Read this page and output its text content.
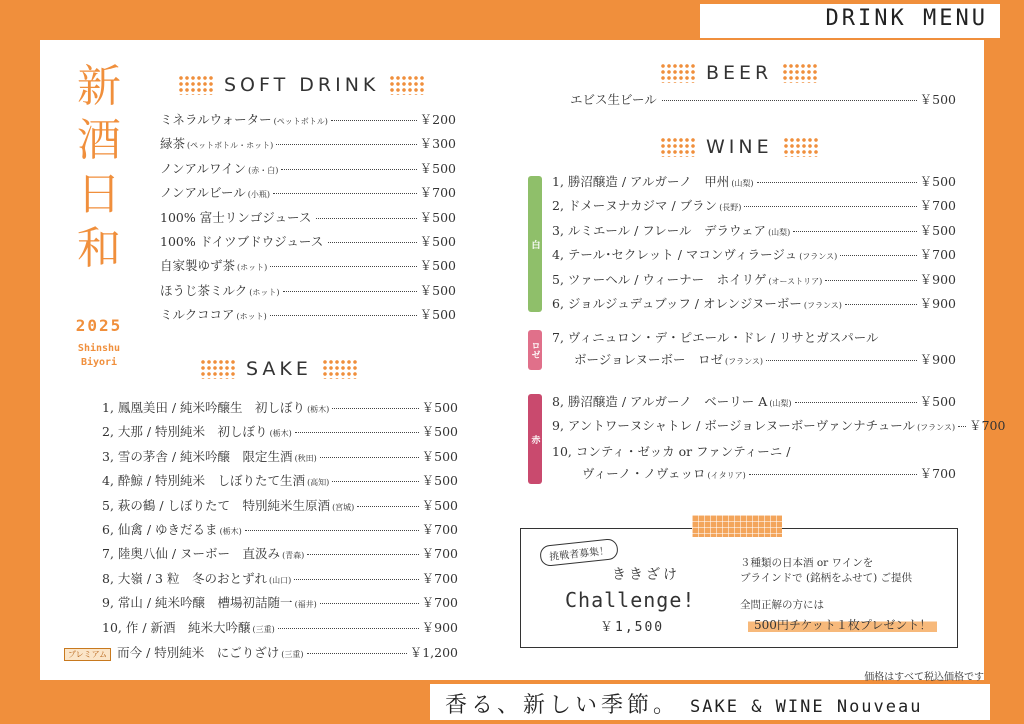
DRINK MENU
新
酒
日
和
2025
Shinshu
Biyori
SOFT DRINK
ミネラルウォーター (ペットボトル)	￥200
緑茶 (ペットボトル・ホット)	￥300
ノンアルワイン (赤・白)	￥500
ノンアルビール (小瓶)	￥700
100% 富士リンゴジュース	￥500
100% ドイツブドウジュース	￥500
自家製ゆず茶 (ホット)	￥500
ほうじ茶ミルク (ホット)	￥500
ミルクココア (ホット)	￥500
SAKE
1, 鳳凰美田 / 純米吟醸生　初しぼり (栃木)	￥500
2, 大那 / 特別純米　初しぼり (栃木)	￥500
3, 雪の茅舎 / 純米吟醸　限定生酒 (秋田)	￥500
4, 酔鯨 / 特別純米　しぼりたて生酒 (高知)	￥500
5, 萩の鶴 / しぼりたて　特別純米生原酒 (宮城)	￥500
6, 仙禽 / ゆきだるま (栃木)	￥700
7, 陸奥八仙 / ヌーボー　直汲み (青森)	￥700
8, 大嶺 / 3 粒　冬のおとずれ (山口)	￥700
9, 常山 / 純米吟醸　槽場初詰随一 (福井)	￥700
10, 作 / 新酒　純米大吟醸 (三重)	￥900
プレミアム 而今 / 特別純米　にごりざけ (三重)	￥1,200
BEER
エビス生ビール	￥500
WINE
白
1, 勝沼醸造 / アルガーノ　甲州 (山梨)	￥500
2, ドメーヌナカジマ / ブラン (長野)	￥700
3, ルミエール / フレール　デラウェア (山梨)	￥500
4, テール･セクレット / マコンヴィラージュ (フランス)	￥700
5, ツァーヘル / ウィーナー　ホイリゲ (オーストリア)	￥900
6, ジョルジュデュブッフ / オレンジヌーボー (フランス)	￥900
ロゼ
7, ヴィニュロン・デ・ピエール・ドレ / リサとガスパール
ボージョレヌーボー　ロゼ (フランス)	￥900
赤
8, 勝沼醸造 / アルガーノ　ベーリー A (山梨)	￥500
9, アントワーヌシャトレ / ボージョレヌーボーヴァンナチュール (フランス) ￥700
10, コンティ・ゼッカ or ファンティーニ /
ヴィーノ・ノヴェッロ (イタリア)	￥700
挑戦者募集！
ききざけ
Challenge!
￥1,500
３種類の日本酒 or ワインを
ブラインドで (銘柄をふせて) ご提供
全問正解の方には
500円チケット１枚プレゼント！
価格はすべて税込価格です
香る、新しい季節。 SAKE & WINE Nouveau
